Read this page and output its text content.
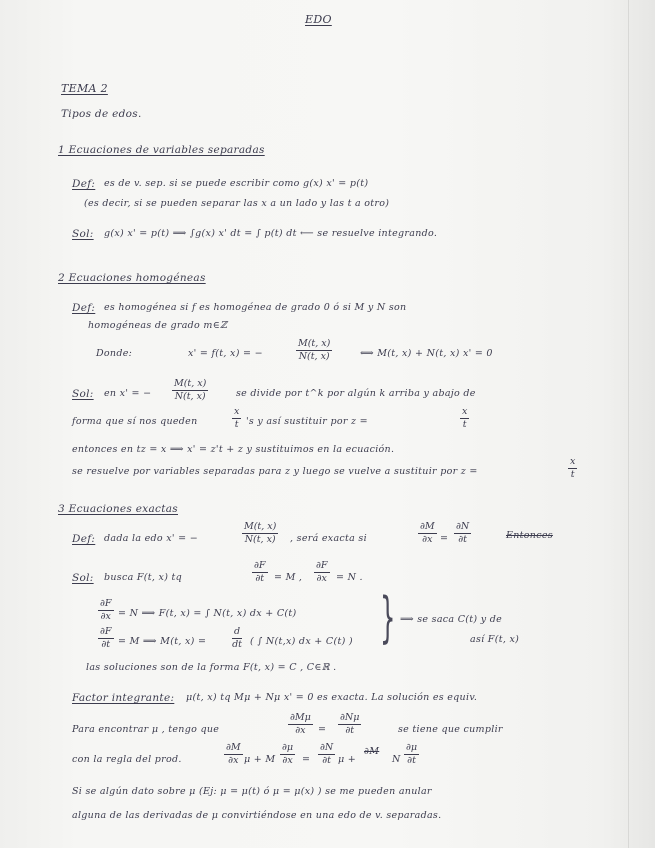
EDO
TEMA 2
Tipos de edos.
1 Ecuaciones de variables separadas
Def: es de v. sep. si se puede escribir como g(x) x' = p(t)
(es decir, si se pueden separar las x a un lado y las t a otro)
Sol: g(x) x' = p(t) ⟹ ∫g(x) x' dt = ∫ p(t) dt ⟵ se resuelve integrando.
2 Ecuaciones homogéneas
Def: es homogénea si f es homogénea de grado 0 ó si M y N son
homogéneas de grado m∈ℤ
Donde:	x' = f(t, x) = −	$\frac{M(t, x)}{N(t, x)}$	⟺ M(t, x) + N(t, x) x' = 0
Sol: en x' = − $\frac{M(t, x)}{N(t, x)}$	se divide por t^k por algún k arriba y abajo de
forma que sí nos queden	$\frac{x}{t}$ 's y así sustituir por z =	$\frac{x}{t}$
entonces en tz = x ⟹ x' = z't + z y sustituimos en la ecuación.
se resuelve por variables separadas para z y luego se vuelve a sustituir por z =	$\frac{x}{t}$
3 Ecuaciones exactas
Def: dada la edo x' = −	$\frac{M(t, x)}{N(t, x)}$ , será exacta si	$\frac{\partial M}{\partial x} = \frac{\partial N}{\partial t}$	Entonces
Sol: busca F(t, x) tq	$\frac{\partial F}{\partial t} = M$ , $\frac{\partial F}{\partial x} = N$ .
$\frac{\partial F}{\partial x} = N$ ⟹ F(t, x) = ∫ N(t, x) dx + C(t)
$\frac{\partial F}{\partial t} = M$ ⟹ M(t, x) =	$\frac{d}{dt}$ ( ∫ N(t,x) dx + C(t) ) } ⟹ se saca C(t) y de
así F(t, x)
las soluciones son de la forma F(t, x) = C , C∈ℝ .
Factor integrante: μ(t, x) tq Mμ + Nμ x' = 0 es exacta. La solución es equiv.
Para encontrar μ , tengo que	$\frac{\partial M\mu}{\partial x} = \frac{\partial N\mu}{\partial t}$	se tiene que cumplir
con la regla del prod.	$\frac{\partial M}{\partial x}$ μ + M $\frac{\partial\mu}{\partial x} = \frac{\partial N}{\partial t}$ μ +
∂M
N $\frac{\partial\mu}{\partial t}$
Si se algún dato sobre μ (Ej: μ = μ(t) ó μ = μ(x) ) se me pueden anular
alguna de las derivadas de μ convirtiéndose en una edo de v. separadas.
